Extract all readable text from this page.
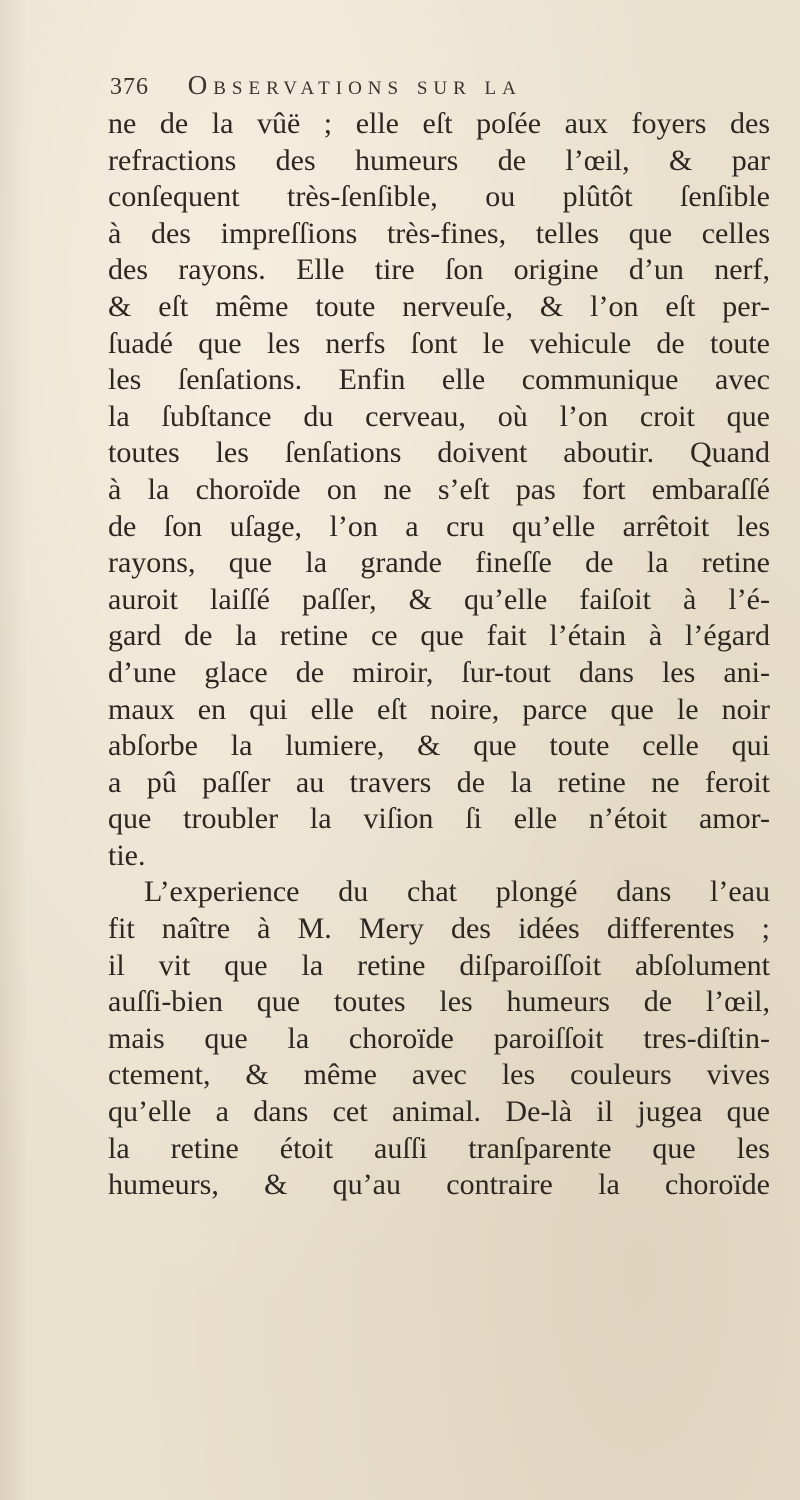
376 Observations sur la
ne de la vûë ; elle eſt poſée aux foyers des
refractions des humeurs de l’œil, & par
conſequent très-ſenſible, ou plûtôt ſenſible
à des impreſſions très-fines, telles que celles
des rayons. Elle tire ſon origine d’un nerf,
& eſt même toute nerveuſe, & l’on eſt per-
ſuadé que les nerfs ſont le vehicule de toute
les ſenſations. Enfin elle communique avec
la ſubſtance du cerveau, où l’on croit que
toutes les ſenſations doivent aboutir. Quand
à la choroïde on ne s’eſt pas fort embaraſſé
de ſon uſage, l’on a cru qu’elle arrêtoit les
rayons, que la grande fineſſe de la retine
auroit laiſſé paſſer, & qu’elle faiſoit à l’é-
gard de la retine ce que fait l’étain à l’égard
d’une glace de miroir, ſur-tout dans les ani-
maux en qui elle eſt noire, parce que le noir
abſorbe la lumiere, & que toute celle qui
a pû paſſer au travers de la retine ne feroit
que troubler la viſion ſi elle n’étoit amor-
tie.
L’experience du chat plongé dans l’eau
fit naître à M. Mery des idées differentes ;
il vit que la retine diſparoiſſoit abſolument
auſſi-bien que toutes les humeurs de l’œil,
mais que la choroïde paroiſſoit tres-diſtin-
ctement, & même avec les couleurs vives
qu’elle a dans cet animal. De-là il jugea que
la retine étoit auſſi tranſparente que les
humeurs, & qu’au contraire la choroïde
